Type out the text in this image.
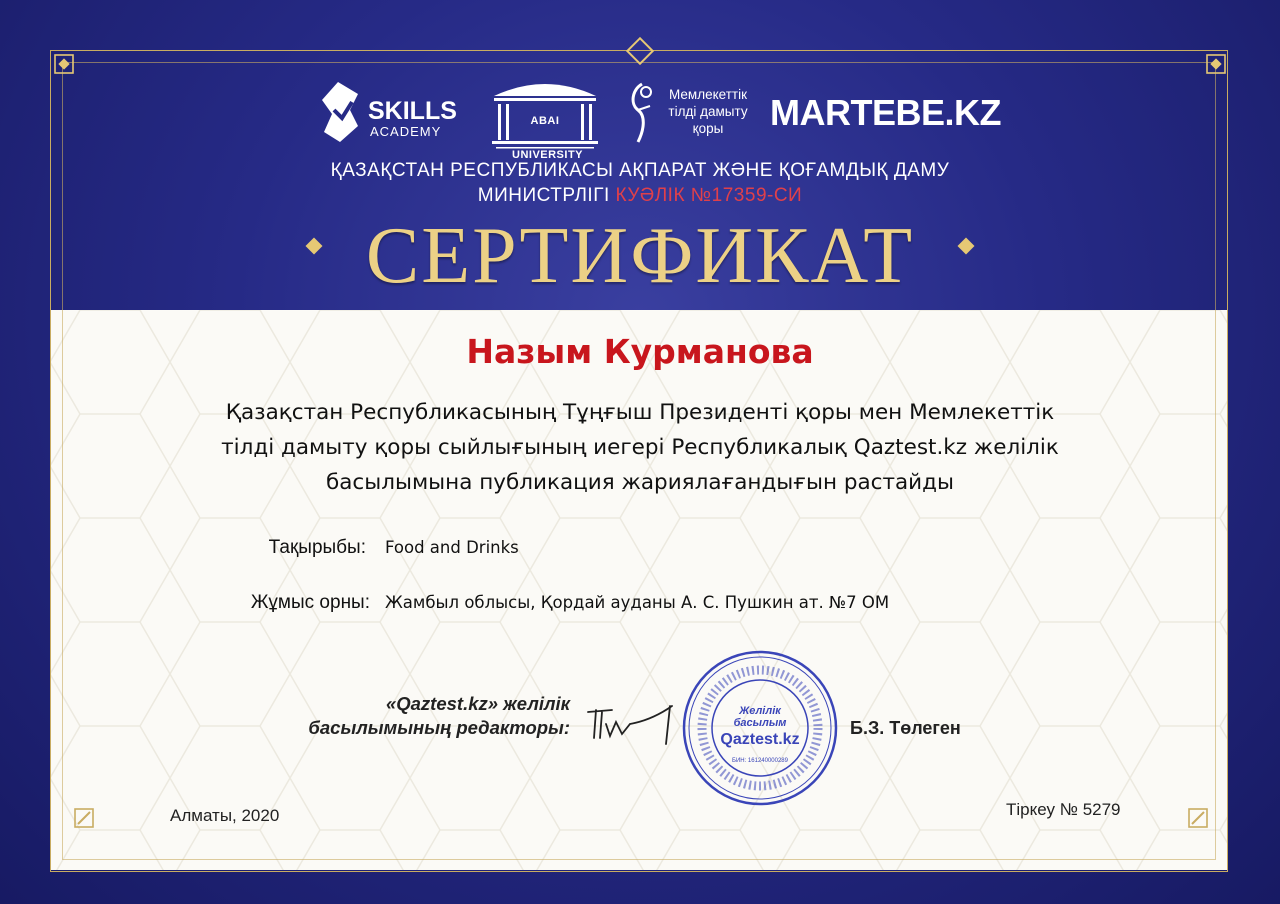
SKILLS
ACADEMY
ABAI UNIVERSITY
Мемлекеттік
тілді дамыту
қоры	MARTEBE.KZ
ҚАЗАҚСТАН РЕСПУБЛИКАСЫ АҚПАРАТ ЖӘНЕ ҚОҒАМДЫҚ ДАМУ
МИНИСТРЛІГІ КУӘЛІК №17359-СИ
СЕРТИФИКАТ
Назым Курманова
Қазақстан Республикасының Тұңғыш Президенті қоры мен Мемлекеттік
тілді дамыту қоры сыйлығының иегері Республикалық Qaztest.kz желілік
басылымына публикация жариялағандығын растайды
Тақырыбы: Food and Drinks
Жұмыс орны: Жамбыл облысы, Қордай ауданы А. С. Пушкин ат. №7 ОМ
«Qaztest.kz» желілік
басылымының редакторы:
Желілік
басылым
Qaztest.kz
БИН: 161240000289
Б.З. Төлеген
Алматы, 2020	Тіркеу № 5279
